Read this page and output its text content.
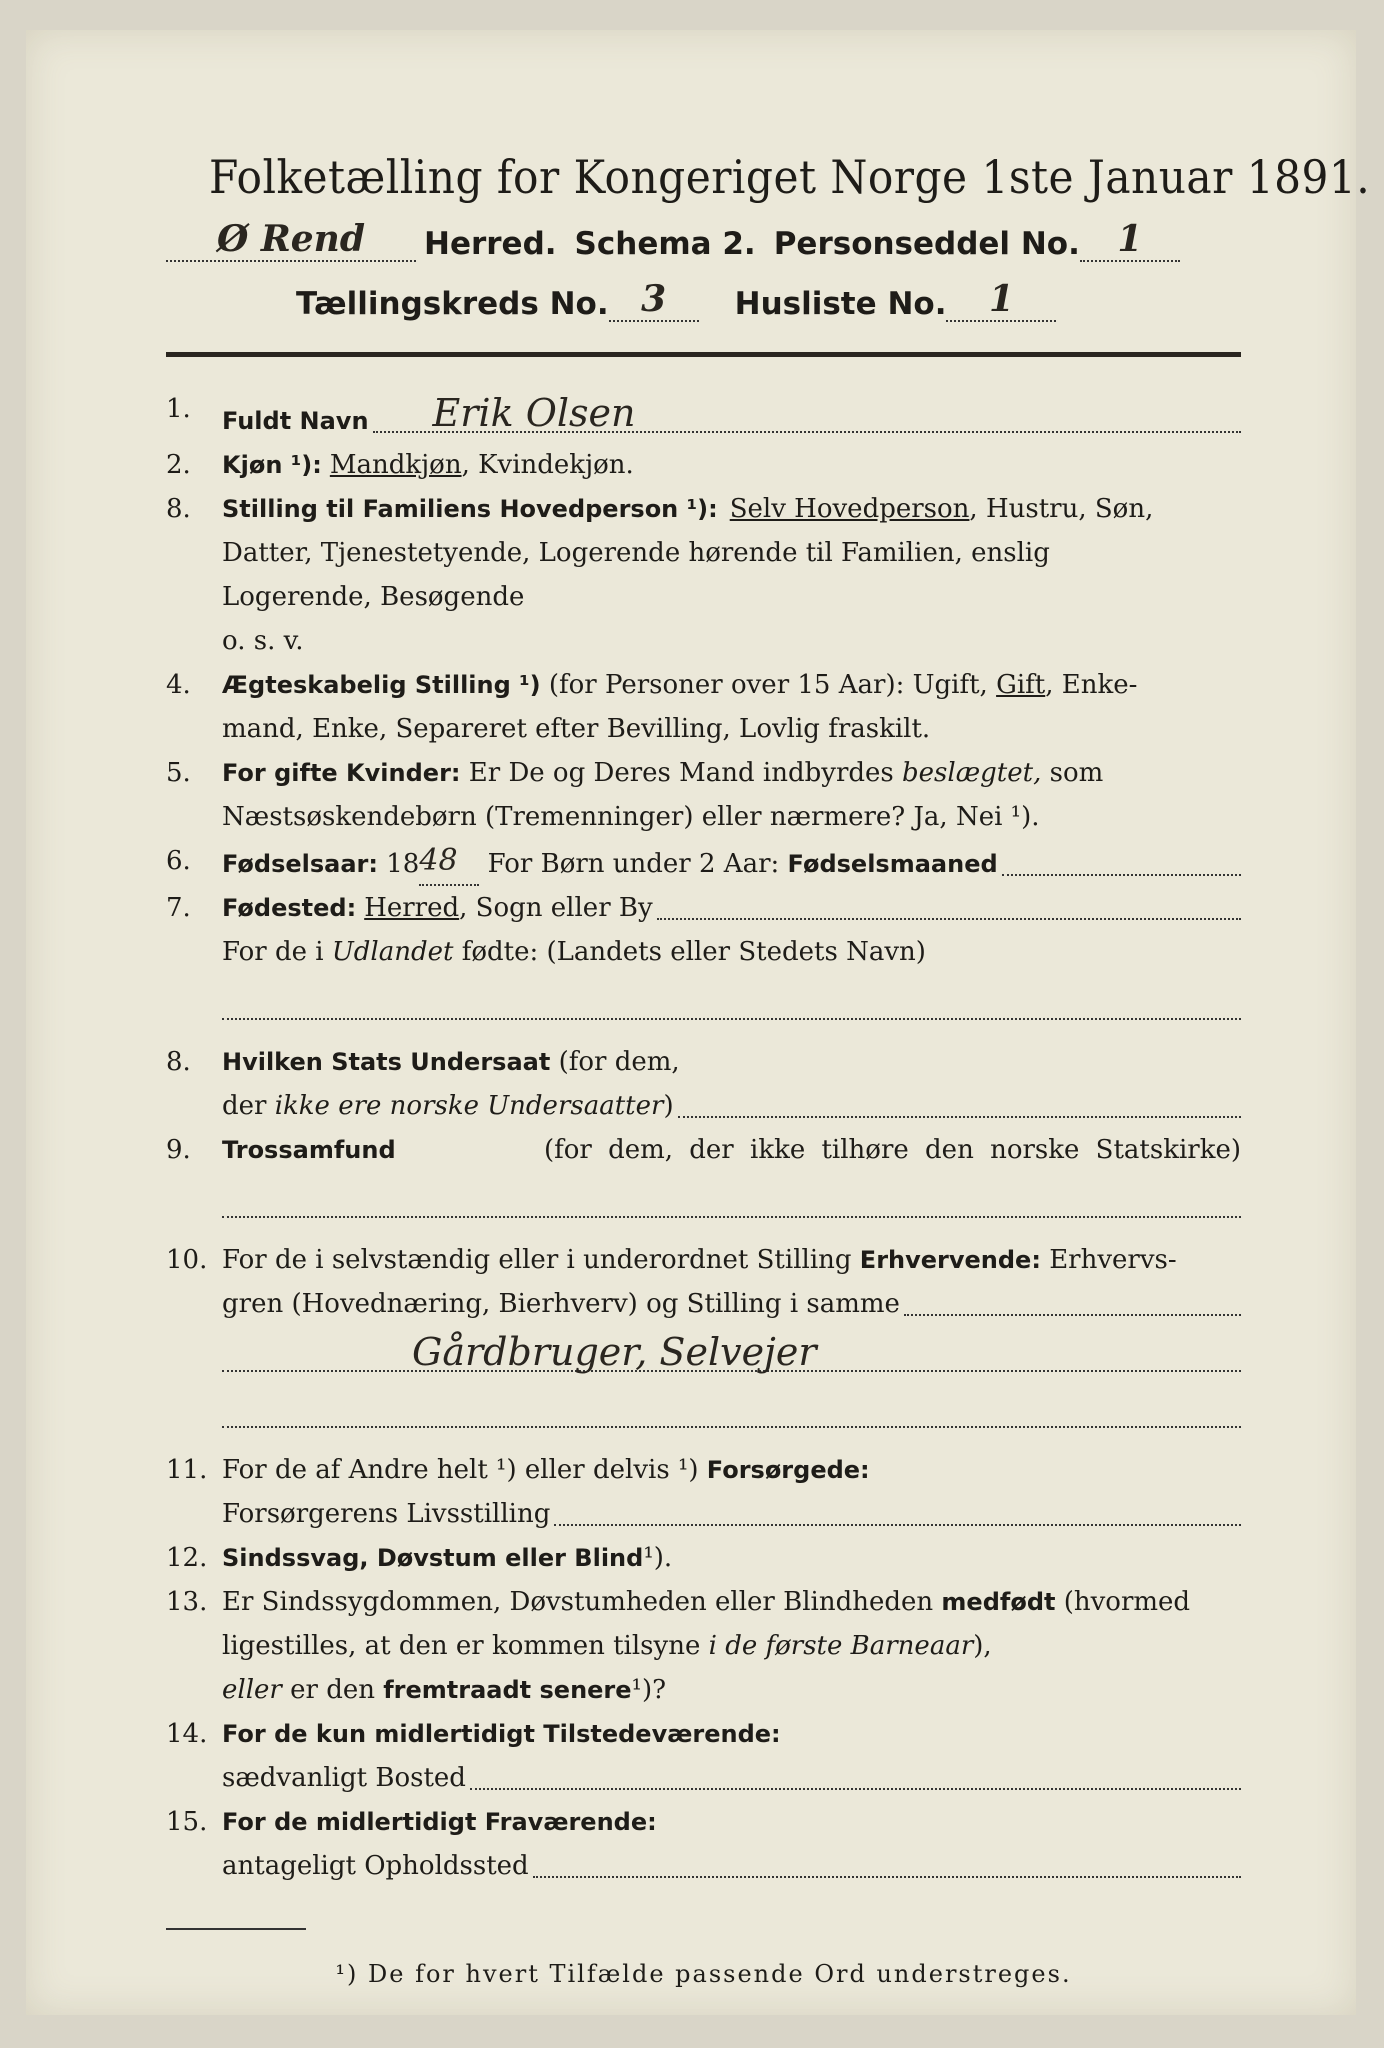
Folketælling for Kongeriget Norge 1ste Januar 1891.
Ø Rend	Herred. Schema 2. Personseddel No.	1
Tællingskreds No. 3	Husliste No.	1
1.	Fuldt Navn Erik Olsen
2.	Kjøn ¹): Mandkjøn , Kvindekjøn.
8.	Stilling til Familiens Hovedperson ¹): Selv Hovedperson , Hustru, Søn,
Datter, Tjenestetyende, Logerende hørende til Familien, enslig
Logerende, Besøgende
o. s. v.
4.	Ægteskabelig Stilling ¹) (for Personer over 15 Aar): Ugift, Gift , Enke-
mand, Enke, Separeret efter Bevilling, Lovlig fraskilt.
5.	For gifte Kvinder: Er De og Deres Mand indbyrdes beslægtet, som
Næstsøskendebørn (Tremenninger) eller nærmere? Ja, Nei ¹).
6.	Fødselsaar: 18 48 For Børn under 2 Aar: Fødselsmaaned
7.	Fødested: Herred , Sogn eller By
For de i Udlandet fødte: (Landets eller Stedets Navn)
8.	Hvilken Stats Undersaat (for dem,
der ikke ere norske Undersaatter )
9.	Trossamfund	(for dem, der ikke tilhøre den norske Statskirke)
10. For de i selvstændig eller i underordnet Stilling Erhvervende: Erhvervs-
gren (Hovednæring, Bierhverv) og Stilling i samme
Gårdbruger, Selvejer
11. For de af Andre helt ¹) eller delvis ¹) Forsørgede:
Forsørgerens Livsstilling
12. Sindssvag, Døvstum eller Blind ¹).
13. Er Sindssygdommen, Døvstumheden eller Blindheden medfødt (hvormed
ligestilles, at den er kommen tilsyne i de første Barneaar ),
eller er den fremtraadt senere ¹)?
14. For de kun midlertidigt Tilstedeværende:
sædvanligt Bosted
15. For de midlertidigt Fraværende:
antageligt Opholdssted
¹) De for hvert Tilfælde passende Ord understreges.
